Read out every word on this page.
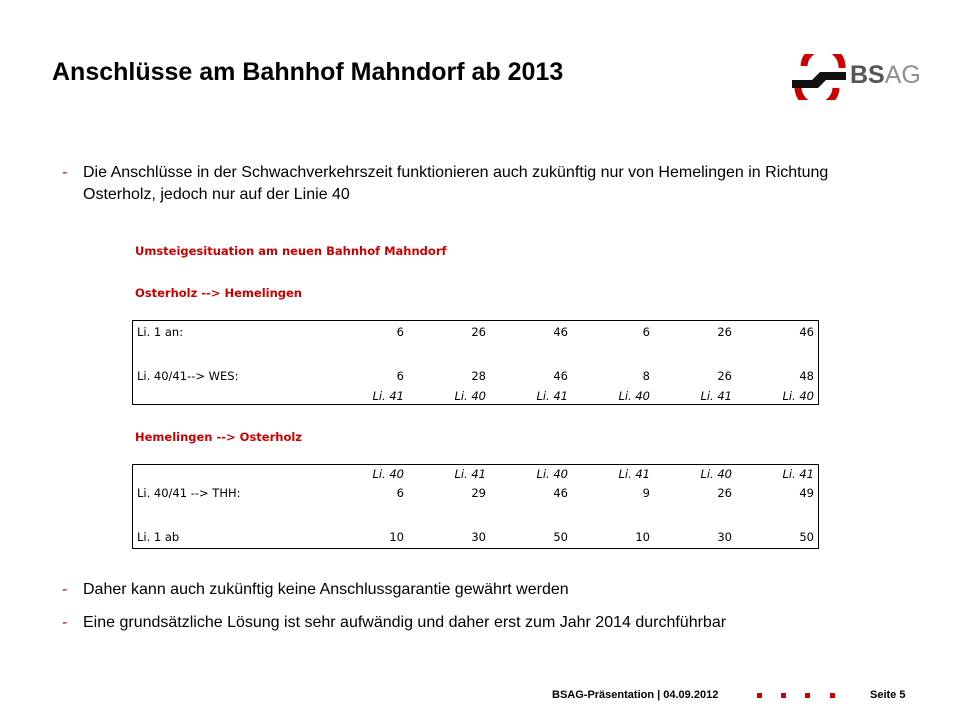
Anschlüsse am Bahnhof Mahndorf ab 2013	BSAG
- Die Anschlüsse in der Schwachverkehrszeit funktionieren auch zukünftig nur von Hemelingen in Richtung Osterholz, jedoch nur auf der Linie 40
Umsteigesituation am neuen Bahnhof Mahndorf
Osterholz --> Hemelingen
Li. 1 an:	6	26	46	6	26	46

Li. 40/41--> WES:	6	28	46	8	26	48
	Li. 41	Li. 40	Li. 41	Li. 40	Li. 41	Li. 40
Hemelingen --> Osterholz
	Li. 40	Li. 41	Li. 40	Li. 41	Li. 40	Li. 41
Li. 40/41 --> THH:	6	29	46	9	26	49

Li. 1 ab	10	30	50	10	30	50
- Daher kann auch zukünftig keine Anschlussgarantie gewährt werden
- Eine grundsätzliche Lösung ist sehr aufwändig und daher erst zum Jahr 2014 durchführbar
BSAG-Präsentation | 04.09.2012	Seite 5
